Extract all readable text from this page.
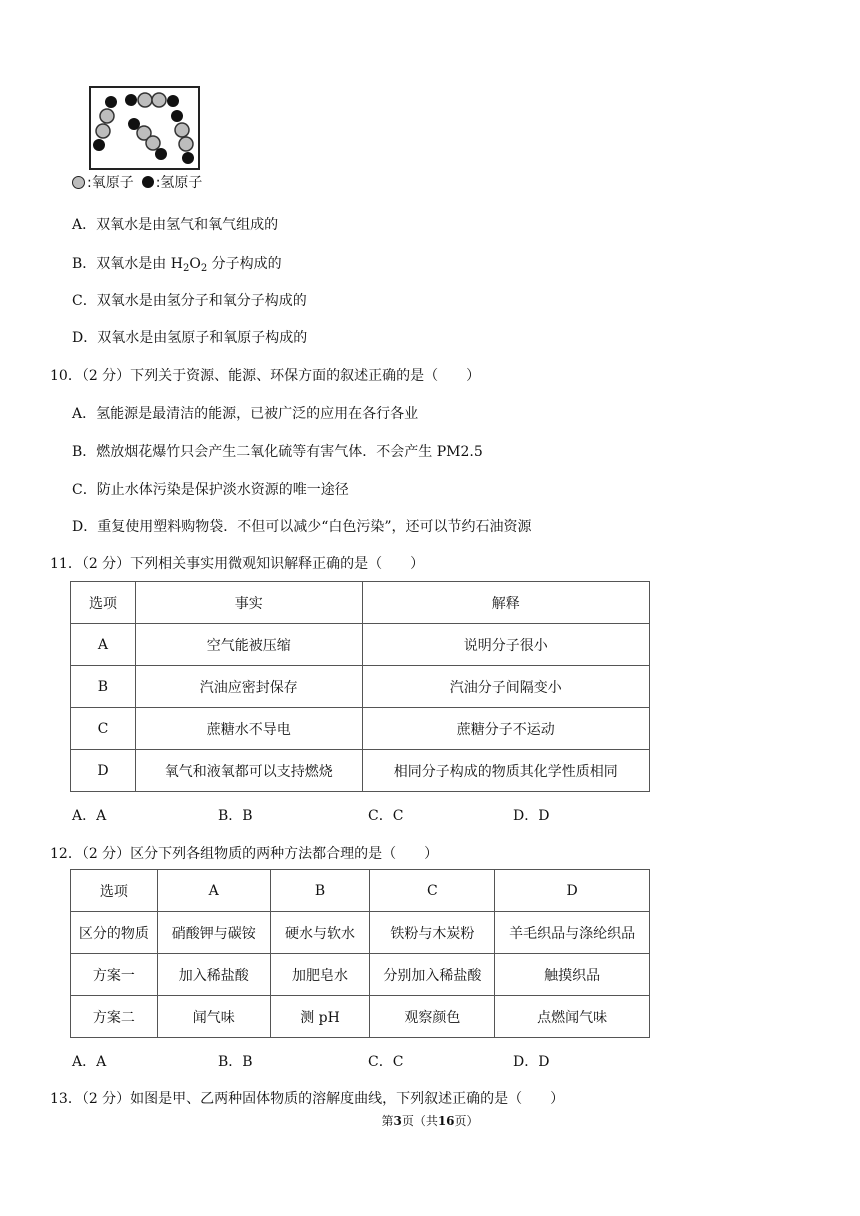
:氧原子 :氢原子
A．双氧水是由氢气和氧气组成的
B．双氧水是由 $H_2O_2$ 分子构成的
C．双氧水是由氢分子和氧分子构成的
D．双氧水是由氢原子和氧原子构成的
10．（2 分）下列关于资源、能源、环保方面的叙述正确的是（　　）
A．氢能源是最清洁的能源，已被广泛的应用在各行各业
B．燃放烟花爆竹只会产生二氧化硫等有害气体．不会产生 PM2.5
C．防止水体污染是保护淡水资源的唯一途径
D．重复使用塑料购物袋．不但可以减少“白色污染”，还可以节约石油资源
11．（2 分）下列相关事实用微观知识解释正确的是（　　）
选项	事实	解释
A	空气能被压缩	说明分子很小
B	汽油应密封保存	汽油分子间隔变小
C	蔗糖水不导电	蔗糖分子不运动
D	氧气和液氧都可以支持燃烧	相同分子构成的物质其化学性质相同
A．A	B．B	C．C	D．D
12．（2 分）区分下列各组物质的两种方法都合理的是（　　）
选项	A	B	C	D
区分的物质	硝酸钾与碳铵	硬水与软水	铁粉与木炭粉	羊毛织品与涤纶织品
方案一	加入稀盐酸	加肥皂水	分别加入稀盐酸	触摸织品
方案二	闻气味	测 pH	观察颜色	点燃闻气味
A．A	B．B	C．C	D．D
13．（2 分）如图是甲、乙两种固体物质的溶解度曲线，下列叙述正确的是（　　）
第3页（共16页）
